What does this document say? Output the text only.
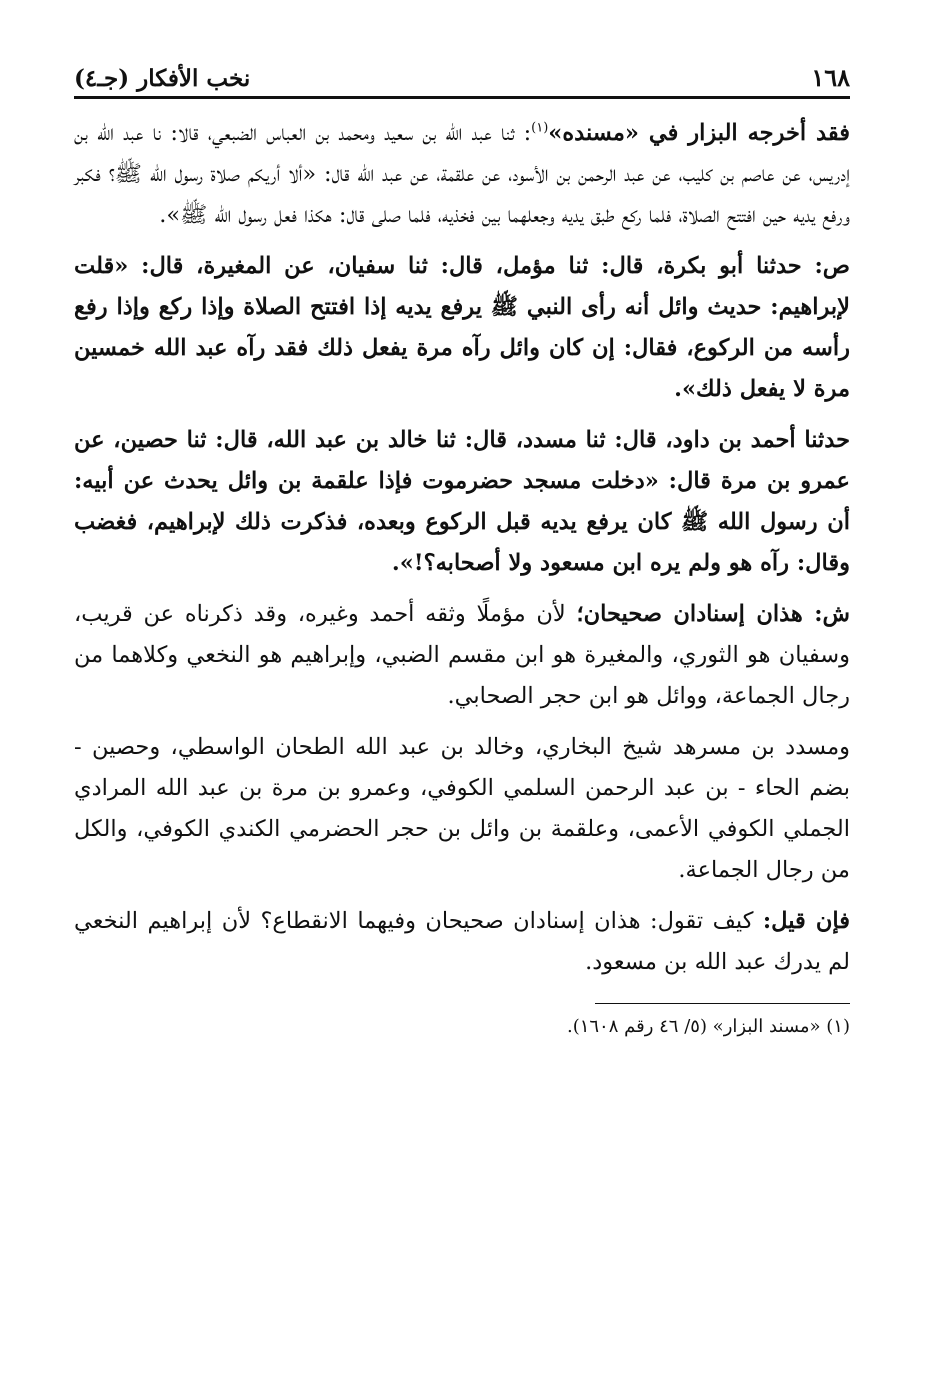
١٦٨
نخب الأفكار (جـ٤)

فقد أخرجه البزار في «مسنده»$^{(١)}$: ثنا عبد الله بن سعيد ومحمد بن العباس الضبعي، قالا: نا عبد الله بن إدريس، عن عاصم بن كليب، عن عبد الرحمن بن الأسود، عن علقمة، عن عبد الله قال: «ألا أريكم صلاة رسول الله ﷺ؟ فكبر ورفع يديه حين افتتح الصلاة، فلما ركع طبق يديه وجعلهما بين فخذيه، فلما صلى قال: هكذا فعل رسول الله ﷺ».

ص: حدثنا أبو بكرة، قال: ثنا مؤمل، قال: ثنا سفيان، عن المغيرة، قال: «قلت لإبراهيم: حديث وائل أنه رأى النبي ﷺ يرفع يديه إذا افتتح الصلاة وإذا ركع وإذا رفع رأسه من الركوع، فقال: إن كان وائل رآه مرة يفعل ذلك فقد رآه عبد الله خمسين مرة لا يفعل ذلك».

حدثنا أحمد بن داود، قال: ثنا مسدد، قال: ثنا خالد بن عبد الله، قال: ثنا حصين، عن عمرو بن مرة قال: «دخلت مسجد حضرموت فإذا علقمة بن وائل يحدث عن أبيه: أن رسول الله ﷺ كان يرفع يديه قبل الركوع وبعده، فذكرت ذلك لإبراهيم، فغضب وقال: رآه هو ولم يره ابن مسعود ولا أصحابه؟!».

ش: هذان إسنادان صحيحان؛ لأن مؤملًا وثقه أحمد وغيره، وقد ذكرناه عن قريب، وسفيان هو الثوري، والمغيرة هو ابن مقسم الضبي، وإبراهيم هو النخعي وكلاهما من رجال الجماعة، ووائل هو ابن حجر الصحابي.

ومسدد بن مسرهد شيخ البخاري، وخالد بن عبد الله الطحان الواسطي، وحصين - بضم الحاء - بن عبد الرحمن السلمي الكوفي، وعمرو بن مرة بن عبد الله المرادي الجملي الكوفي الأعمى، وعلقمة بن وائل بن حجر الحضرمي الكندي الكوفي، والكل من رجال الجماعة.

فإن قيل: كيف تقول: هذان إسنادان صحيحان وفيهما الانقطاع؟ لأن إبراهيم النخعي لم يدرك عبد الله بن مسعود.

(١) «مسند البزار» (٥/ ٤٦ رقم ١٦٠٨).
